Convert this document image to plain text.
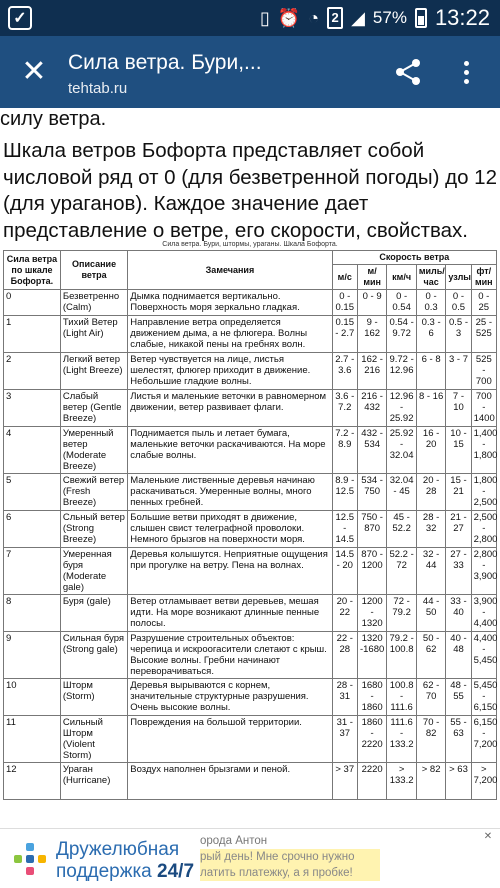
✓	▯ ⏰ ◔ 2 ◢ 57% 13:22
✕	Сила ветра. Бури,...
tehtab.ru
силу ветра.
Шкала ветров Бофорта представляет собой числовой ряд от 0 (для безветренной погоды) до 12 (для ураганов). Каждое значение дает представление о ветре, его скорости, свойствах.
Сила ветра. Бури, штормы, ураганы. Шкала Бофорта.
Сила ветра по шкале Бофорта.	Описание ветра	Замечания	Скорость ветра					
			м/с	м/ мин	км/ч	миль/ час	узлы	фт/ мин
0	Безветренно (Calm)	Дымка поднимается вертикально. Поверхность моря зеркально гладкая.	0 - 0.15	0 - 9	0 - 0.54	0 - 0.3	0 - 0.5	0 - 25
1	Тихий Ветер (Light Air)	Направление ветра определяется движением дыма, а не флюгера. Волны слабые, никакой пены на гребнях волн.	0.15 - 2.7	9 - 162	0.54 - 9.72	0.3 - 6	0.5 - 3	25 - 525
2	Легкий ветер (Light Breeze)	Ветер чувствуется на лице, листья шелестят, флюгер приходит в движение. Небольшие гладкие волны.	2.7 - 3.6	162 - 216	9.72 - 12.96	6 - 8	3 - 7	525 - 700
3	Слабый ветер (Gentle Breeze)	Листья и маленькие веточки в равномерном движении, ветер развивает флаги.	3.6 - 7.2	216 - 432	12.96 - 25.92	8 - 16	7 - 10	700 - 1400
4	Умеренный ветер (Moderate Breeze)	Поднимается пыль и летает бумага, маленькие веточки раскачиваются. На море слабые волны.	7.2 - 8.9	432 - 534	25.92 - 32.04	16 - 20	10 - 15	1,400 - 1,800
5	Свежий ветер (Fresh Breeze)	Маленькие лиственные деревья начинаю раскачиваться. Умеренные волны, много пенных гребней.	8.9 - 12.5	534 - 750	32.04 - 45	20 - 28	15 - 21	1,800 - 2,500
6	Сльный ветер (Strong Breeze)	Большие ветви приходят в движение, слышен свист телеграфной проволоки. Немного брызгов на поверхности моря.	12.5 - 14.5	750 - 870	45 - 52.2	28 - 32	21 - 27	2,500 - 2,800
7	Умеренная буря (Moderate gale)	Деревья колышутся. Неприятные ощущения при прогулке на ветру. Пена на волнах.	14.5 - 20	870 - 1200	52.2 - 72	32 - 44	27 - 33	2,800 - 3,900
8	Буря (gale)	Ветер отламывает ветви деревьев, мешая идти. На море возникают длинные пенные полосы.	20 - 22	1200 - 1320	72 - 79.2	44 - 50	33 - 40	3,900 - 4,400
9	Сильная буря (Strong gale)	Разрушение строительных объектов: черепица и искроогасители слетают с крыш. Высокие волны. Гребни начинают переворачиваться.	22 - 28	1320 -1680	79.2 - 100.8	50 - 62	40 - 48	4,400 - 5,450
10	Шторм (Storm)	Деревья вырываются с корнем, значительные структурные разрушения. Очень высокие волны.	28 - 31	1680 - 1860	100.8 - 111.6	62 - 70	48 - 55	5,450 - 6,150
11	Сильный Шторм (Violent Storm)	Повреждения на большой территории.	31 - 37	1860 - 2220	111.6 - 133.2	70 - 82	55 - 63	6,150 - 7,200
12	Ураган (Hurricane)	Воздух наполнен брызгами и пеной.	> 37	2220	> 133.2	> 82	> 63	> 7,200
Дружелюбная
поддержка 24/7
орода Антон
рый день! Мне срочно нужно
латить платежку, а я пробке!
✕
